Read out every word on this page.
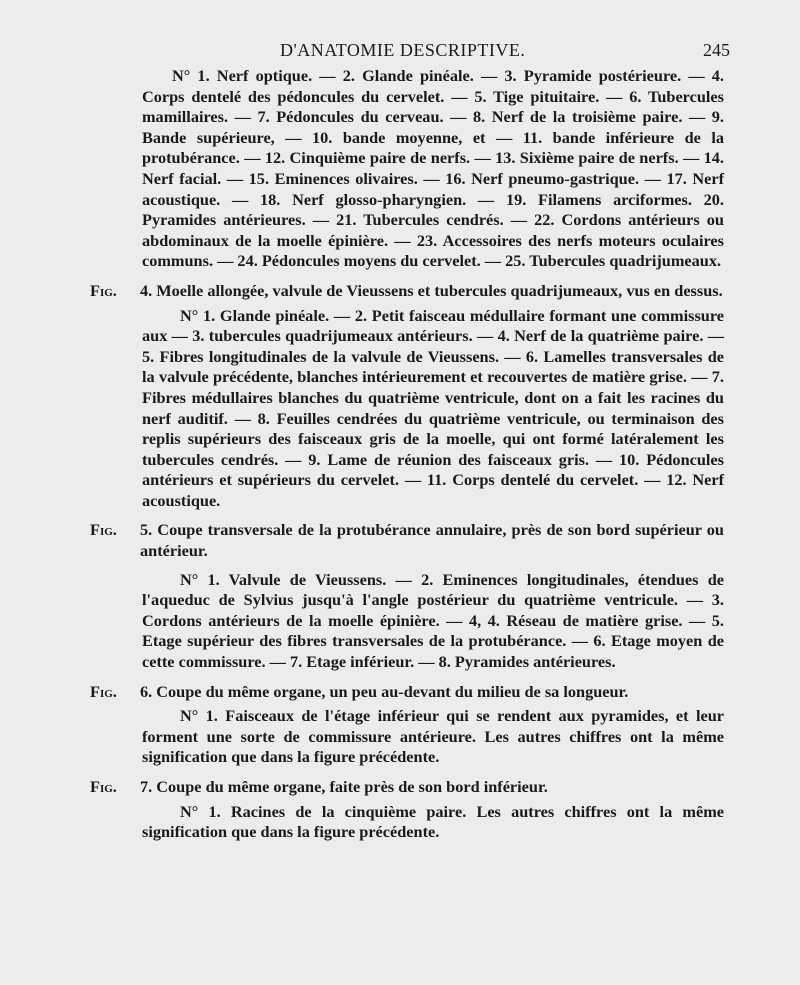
D'ANATOMIE DESCRIPTIVE.	245

N° 1. Nerf optique. — 2. Glande pinéale. — 3. Pyramide postérieure. — 4. Corps dentelé des pédoncules du cervelet. — 5. Tige pituitaire. — 6. Tubercules mamillaires. — 7. Pédoncules du cerveau. — 8. Nerf de la troisième paire. — 9. Bande supérieure, — 10. bande moyenne, et — 11. bande inférieure de la protubérance. — 12. Cinquième paire de nerfs. — 13. Sixième paire de nerfs. — 14. Nerf facial. — 15. Eminences olivaires. — 16. Nerf pneumo-gastrique. — 17. Nerf acoustique. — 18. Nerf glosso-pharyngien. — 19. Filamens arciformes. 20. Pyramides antérieures. — 21. Tubercules cendrés. — 22. Cordons antérieurs ou abdominaux de la moelle épinière. — 23. Accessoires des nerfs moteurs oculaires communs. — 24. Pédoncules moyens du cervelet. — 25. Tubercules quadrijumeaux.

Fig. 4. Moelle allongée, valvule de Vieussens et tubercules quadrijumeaux, vus en dessus.

N° 1. Glande pinéale. — 2. Petit faisceau médullaire formant une commissure aux — 3. tubercules quadrijumeaux antérieurs. — 4. Nerf de la quatrième paire. — 5. Fibres longitudinales de la valvule de Vieussens. — 6. Lamelles transversales de la valvule précédente, blanches intérieurement et recouvertes de matière grise. — 7. Fibres médullaires blanches du quatrième ventricule, dont on a fait les racines du nerf auditif. — 8. Feuilles cendrées du quatrième ventricule, ou terminaison des replis supérieurs des faisceaux gris de la moelle, qui ont formé latéralement les tubercules cendrés. — 9. Lame de réunion des faisceaux gris. — 10. Pédoncules antérieurs et supérieurs du cervelet. — 11. Corps dentelé du cervelet. — 12. Nerf acoustique.

Fig. 5. Coupe transversale de la protubérance annulaire, près de son bord supérieur ou antérieur.

N° 1. Valvule de Vieussens. — 2. Eminences longitudinales, étendues de l'aqueduc de Sylvius jusqu'à l'angle postérieur du quatrième ventricule. — 3. Cordons antérieurs de la moelle épinière. — 4, 4. Réseau de matière grise. — 5. Etage supérieur des fibres transversales de la protubérance. — 6. Etage moyen de cette commissure. — 7. Etage inférieur. — 8. Pyramides antérieures.

Fig. 6. Coupe du même organe, un peu au-devant du milieu de sa longueur.

N° 1. Faisceaux de l'étage inférieur qui se rendent aux pyramides, et leur forment une sorte de commissure antérieure. Les autres chiffres ont la même signification que dans la figure précédente.

Fig. 7. Coupe du même organe, faite près de son bord inférieur.

N° 1. Racines de la cinquième paire. Les autres chiffres ont la même signification que dans la figure précédente.
